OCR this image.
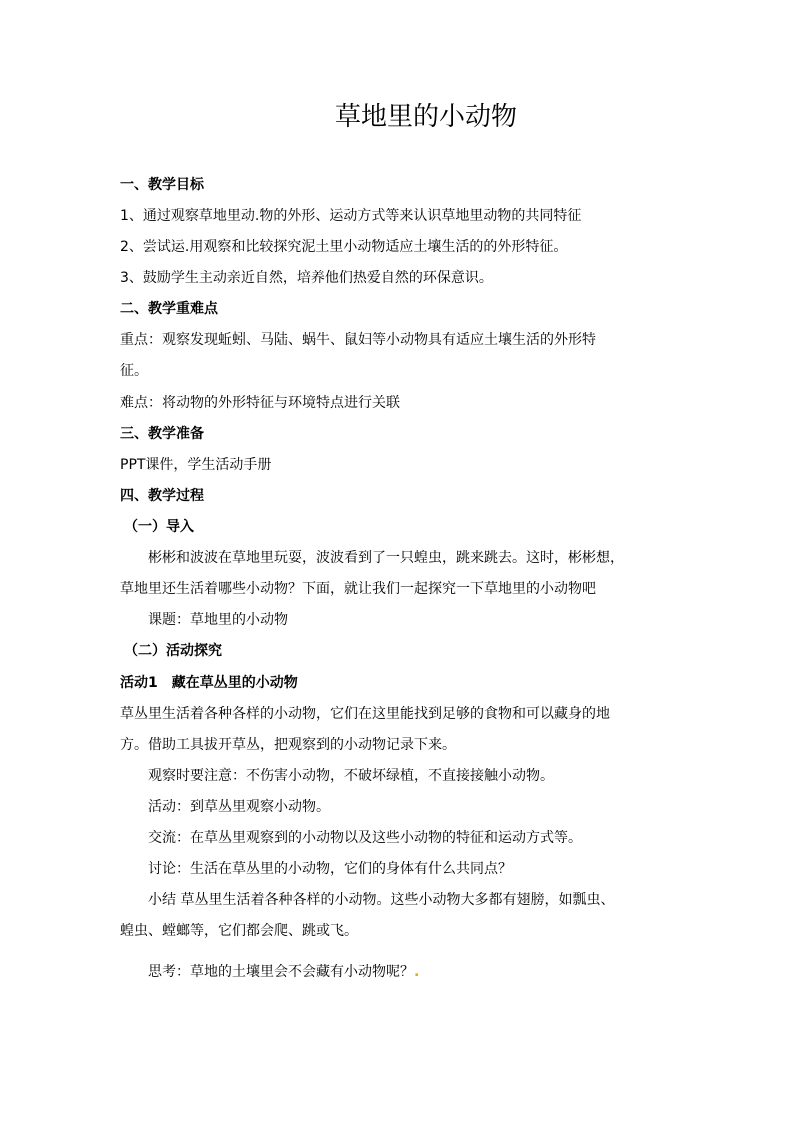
草地里的小动物
一、教学目标
1、通过观察草地里动.物的外形、运动方式等来认识草地里动物的共同特征
2、尝试运.用观察和比较探究泥土里小动物适应土壤生活的的外形特征。
3、鼓励学生主动亲近自然，培养他们热爱自然的环保意识。
二、教学重难点
重点：观察发现蚯蚓、马陆、蜗牛、鼠妇等小动物具有适应土壤生活的外形特
征。
难点：将动物的外形特征与环境特点进行关联
三、教学准备
PPT课件，学生活动手册
四、教学过程
（一）导入
彬彬和波波在草地里玩耍，波波看到了一只蝗虫，跳来跳去。这时，彬彬想，
草地里还生活着哪些小动物？下面，就让我们一起探究一下草地里的小动物吧
课题：草地里的小动物
（二）活动探究
活动1　藏在草丛里的小动物
草丛里生活着各种各样的小动物，它们在这里能找到足够的食物和可以藏身的地
方。借助工具拔开草丛，把观察到的小动物记录下来。
观察时要注意：不伤害小动物，不破坏绿植，不直接接触小动物。
活动：到草丛里观察小动物。
交流：在草丛里观察到的小动物以及这些小动物的特征和运动方式等。
讨论：生活在草丛里的小动物，它们的身体有什么共同点？
小结 草丛里生活着各种各样的小动物。这些小动物大多都有翅膀，如瓢虫、
蝗虫、螳螂等，它们都会爬、跳或飞。
思考：草地的土壤里会不会藏有小动物呢？.
